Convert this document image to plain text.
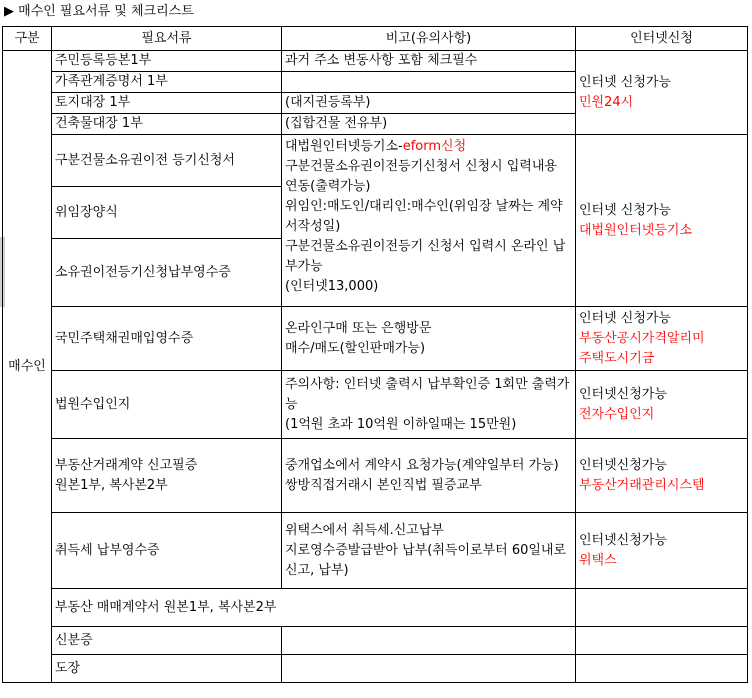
▶ 매수인 필요서류 및 체크리스트
구분	필요서류	비고(유의사항)	인터넷신청
매수인	주민등록등본1부	과거 주소 변동사항 포함 체크필수	인터넷 신청가능
민원24시

	가족관계증명서 1부		
	토지대장 1부	(대지권등록부)	
	건축물대장 1부	(집합건물 전유부)	
	구분건물소유권이전 등기신청서	대법원인터넷등기소-eform신청
구분건물소유권이전등기신청서 신청시 입력내용 연동(출력가능)
위임인:매도인/대리인:매수인(위임장 날짜는 계약서작성일)
구분건물소유권이전등기 신청서 입력시 온라인 납부가능
(인터넷13,000)	인터넷 신청가능
대법원인터넷등기소

	위임장양식		
	소유권이전등기신청납부영수증		
	국민주택채권매입영수증	온라인구매 또는 은행방문
매수/매도(할인판매가능)	인터넷 신청가능
부동산공시가격알리미
주택도시기금

	법원수입인지	주의사항: 인터넷 출력시 납부확인증 1회만 출력가능
(1억원 초과 10억원 이하일때는 15만원)	인터넷신청가능
전자수입인지

	부동산거래계약 신고필증
원본1부, 복사본2부	중개업소에서 계약시 요청가능(계약일부터 가능)
쌍방직접거래시 본인직법 필증교부	인터넷신청가능
부동산거래관리시스템

	취득세 납부영수증	위택스에서 취득세.신고납부
지로영수증발급받아 납부(취득이로부터 60일내로신고, 납부)	인터넷신청가능
위택스

	부동산 매매계약서 원본1부, 복사본2부		
	신분증		
	도장		
